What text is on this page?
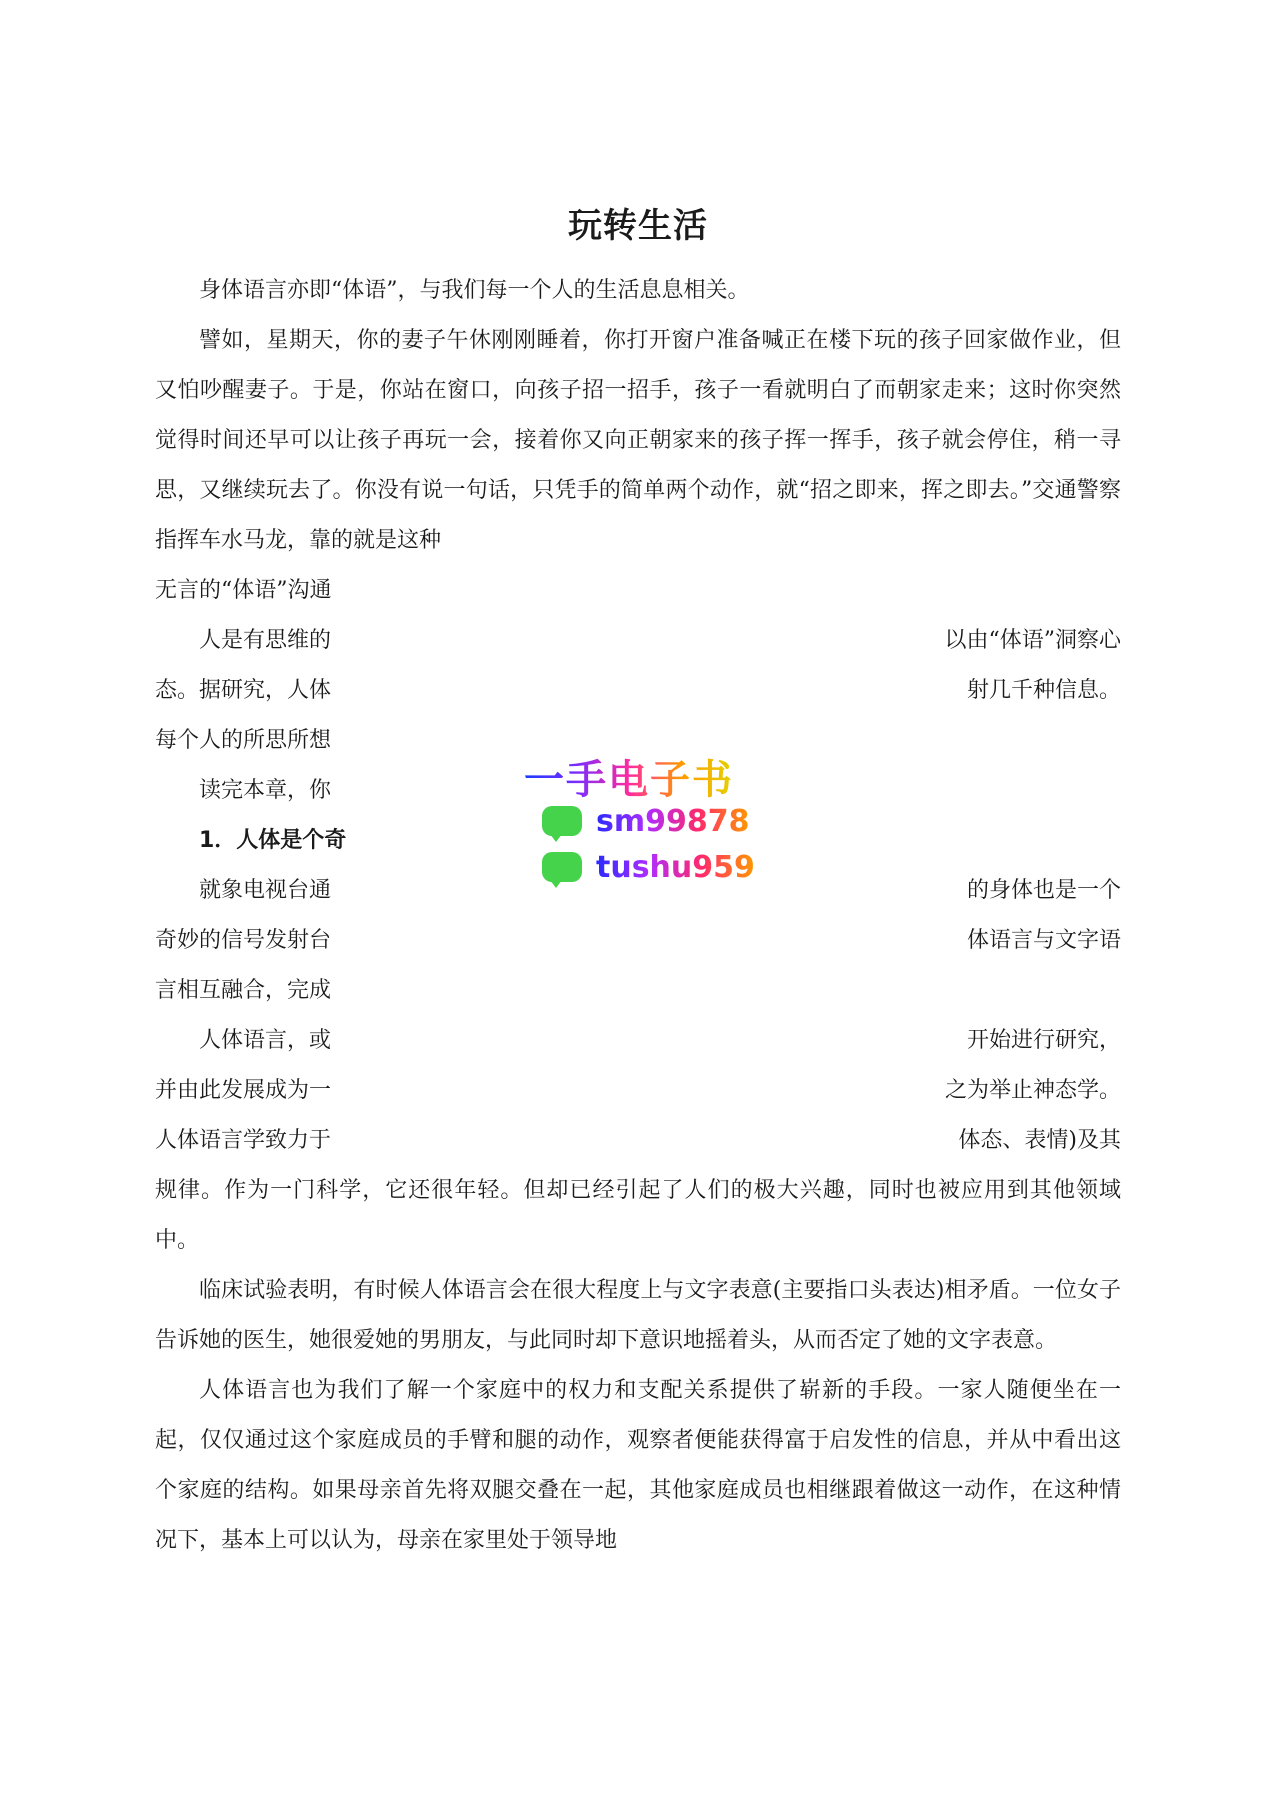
玩转生活

身体语言亦即“体语”，与我们每一个人的生活息息相关。

譬如，星期天，你的妻子午休刚刚睡着，你打开窗户准备喊正在楼下玩的孩子回家做作业，但又怕吵醒妻子。于是，你站在窗口，向孩子招一招手，孩子一看就明白了而朝家走来；这时你突然觉得时间还早可以让孩子再玩一会，接着你又向正朝家来的孩子挥一挥手，孩子就会停住，稍一寻思，又继续玩去了。你没有说一句话，只凭手的简单两个动作，就“招之即来，挥之即去。”交通警察指挥车水马龙，靠的就是这种

无言的“体语”沟通
人是有思维的	以由“体语”洞察心
态。据研究，人体	射几千种信息。
每个人的所思所想
读完本章，你
1．人体是个奇
就象电视台通	的身体也是一个
奇妙的信号发射台	体语言与文字语
言相互融合，完成
人体语言，或	开始进行研究，
并由此发展成为一	之为举止神态学。
人体语言学致力于	体态、表情)及其

规律。作为一门科学，它还很年轻。但却已经引起了人们的极大兴趣，同时也被应用到其他领域中。

临床试验表明，有时候人体语言会在很大程度上与文字表意(主要指口头表达)相矛盾。一位女子告诉她的医生，她很爱她的男朋友，与此同时却下意识地摇着头，从而否定了她的文字表意。

人体语言也为我们了解一个家庭中的权力和支配关系提供了崭新的手段。一家人随便坐在一起，仅仅通过这个家庭成员的手臂和腿的动作，观察者便能获得富于启发性的信息，并从中看出这个家庭的结构。如果母亲首先将双腿交叠在一起，其他家庭成员也相继跟着做这一动作，在这种情况下，基本上可以认为，母亲在家里处于领导地

一手电子书
sm99878
tushu959
